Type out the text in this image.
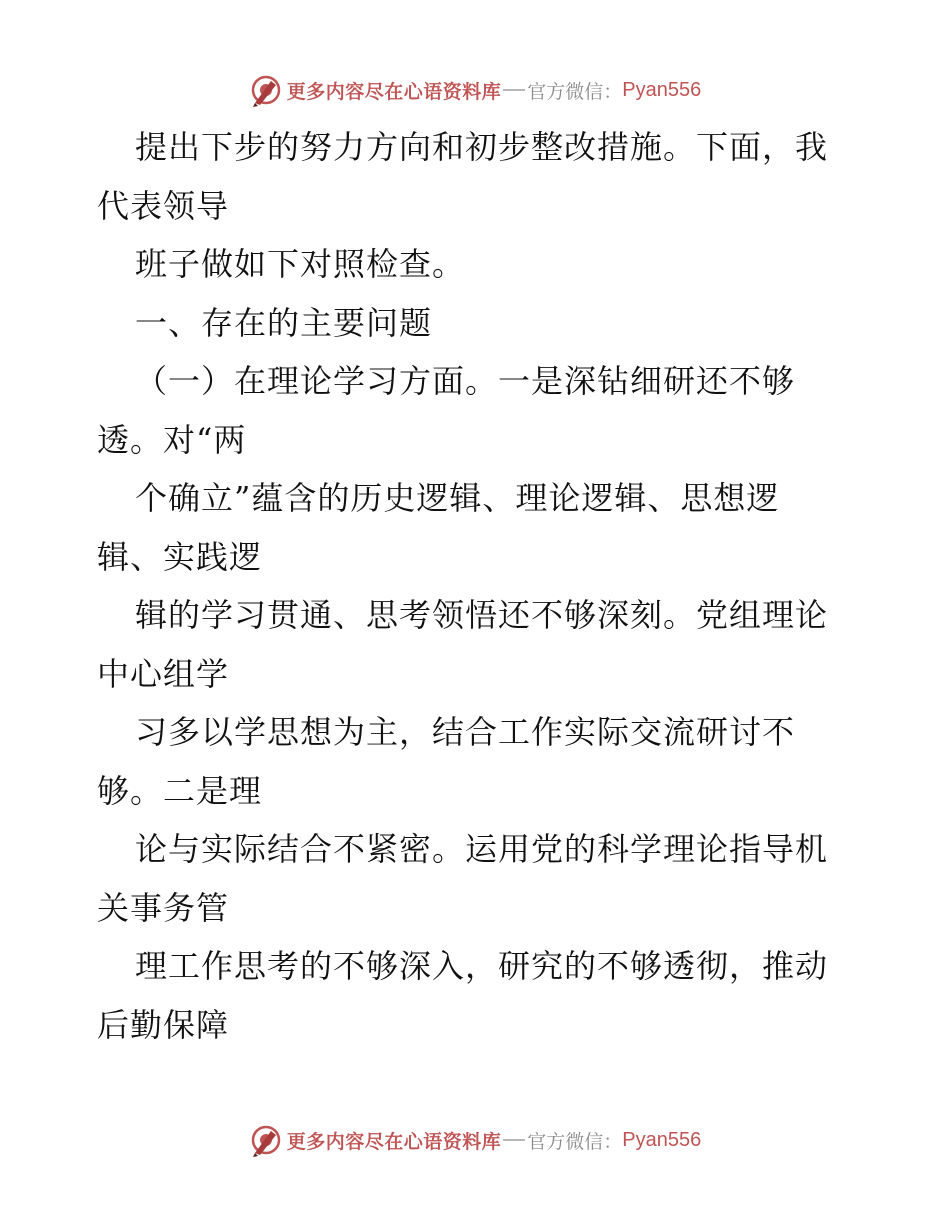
更多内容尽在心语资料库 官方微信： Pyan556
提出下步的努力方向和初步整改措施。下面，我
代表领导
班子做如下对照检查。
一、存在的主要问题
（一）在理论学习方面。一是深钻细研还不够
透。对“两
个确立”蕴含的历史逻辑、理论逻辑、思想逻
辑、实践逻
辑的学习贯通、思考领悟还不够深刻。党组理论
中心组学
习多以学思想为主，结合工作实际交流研讨不
够。二是理
论与实际结合不紧密。运用党的科学理论指导机
关事务管
理工作思考的不够深入，研究的不够透彻，推动
后勤保障
更多内容尽在心语资料库 官方微信： Pyan556
